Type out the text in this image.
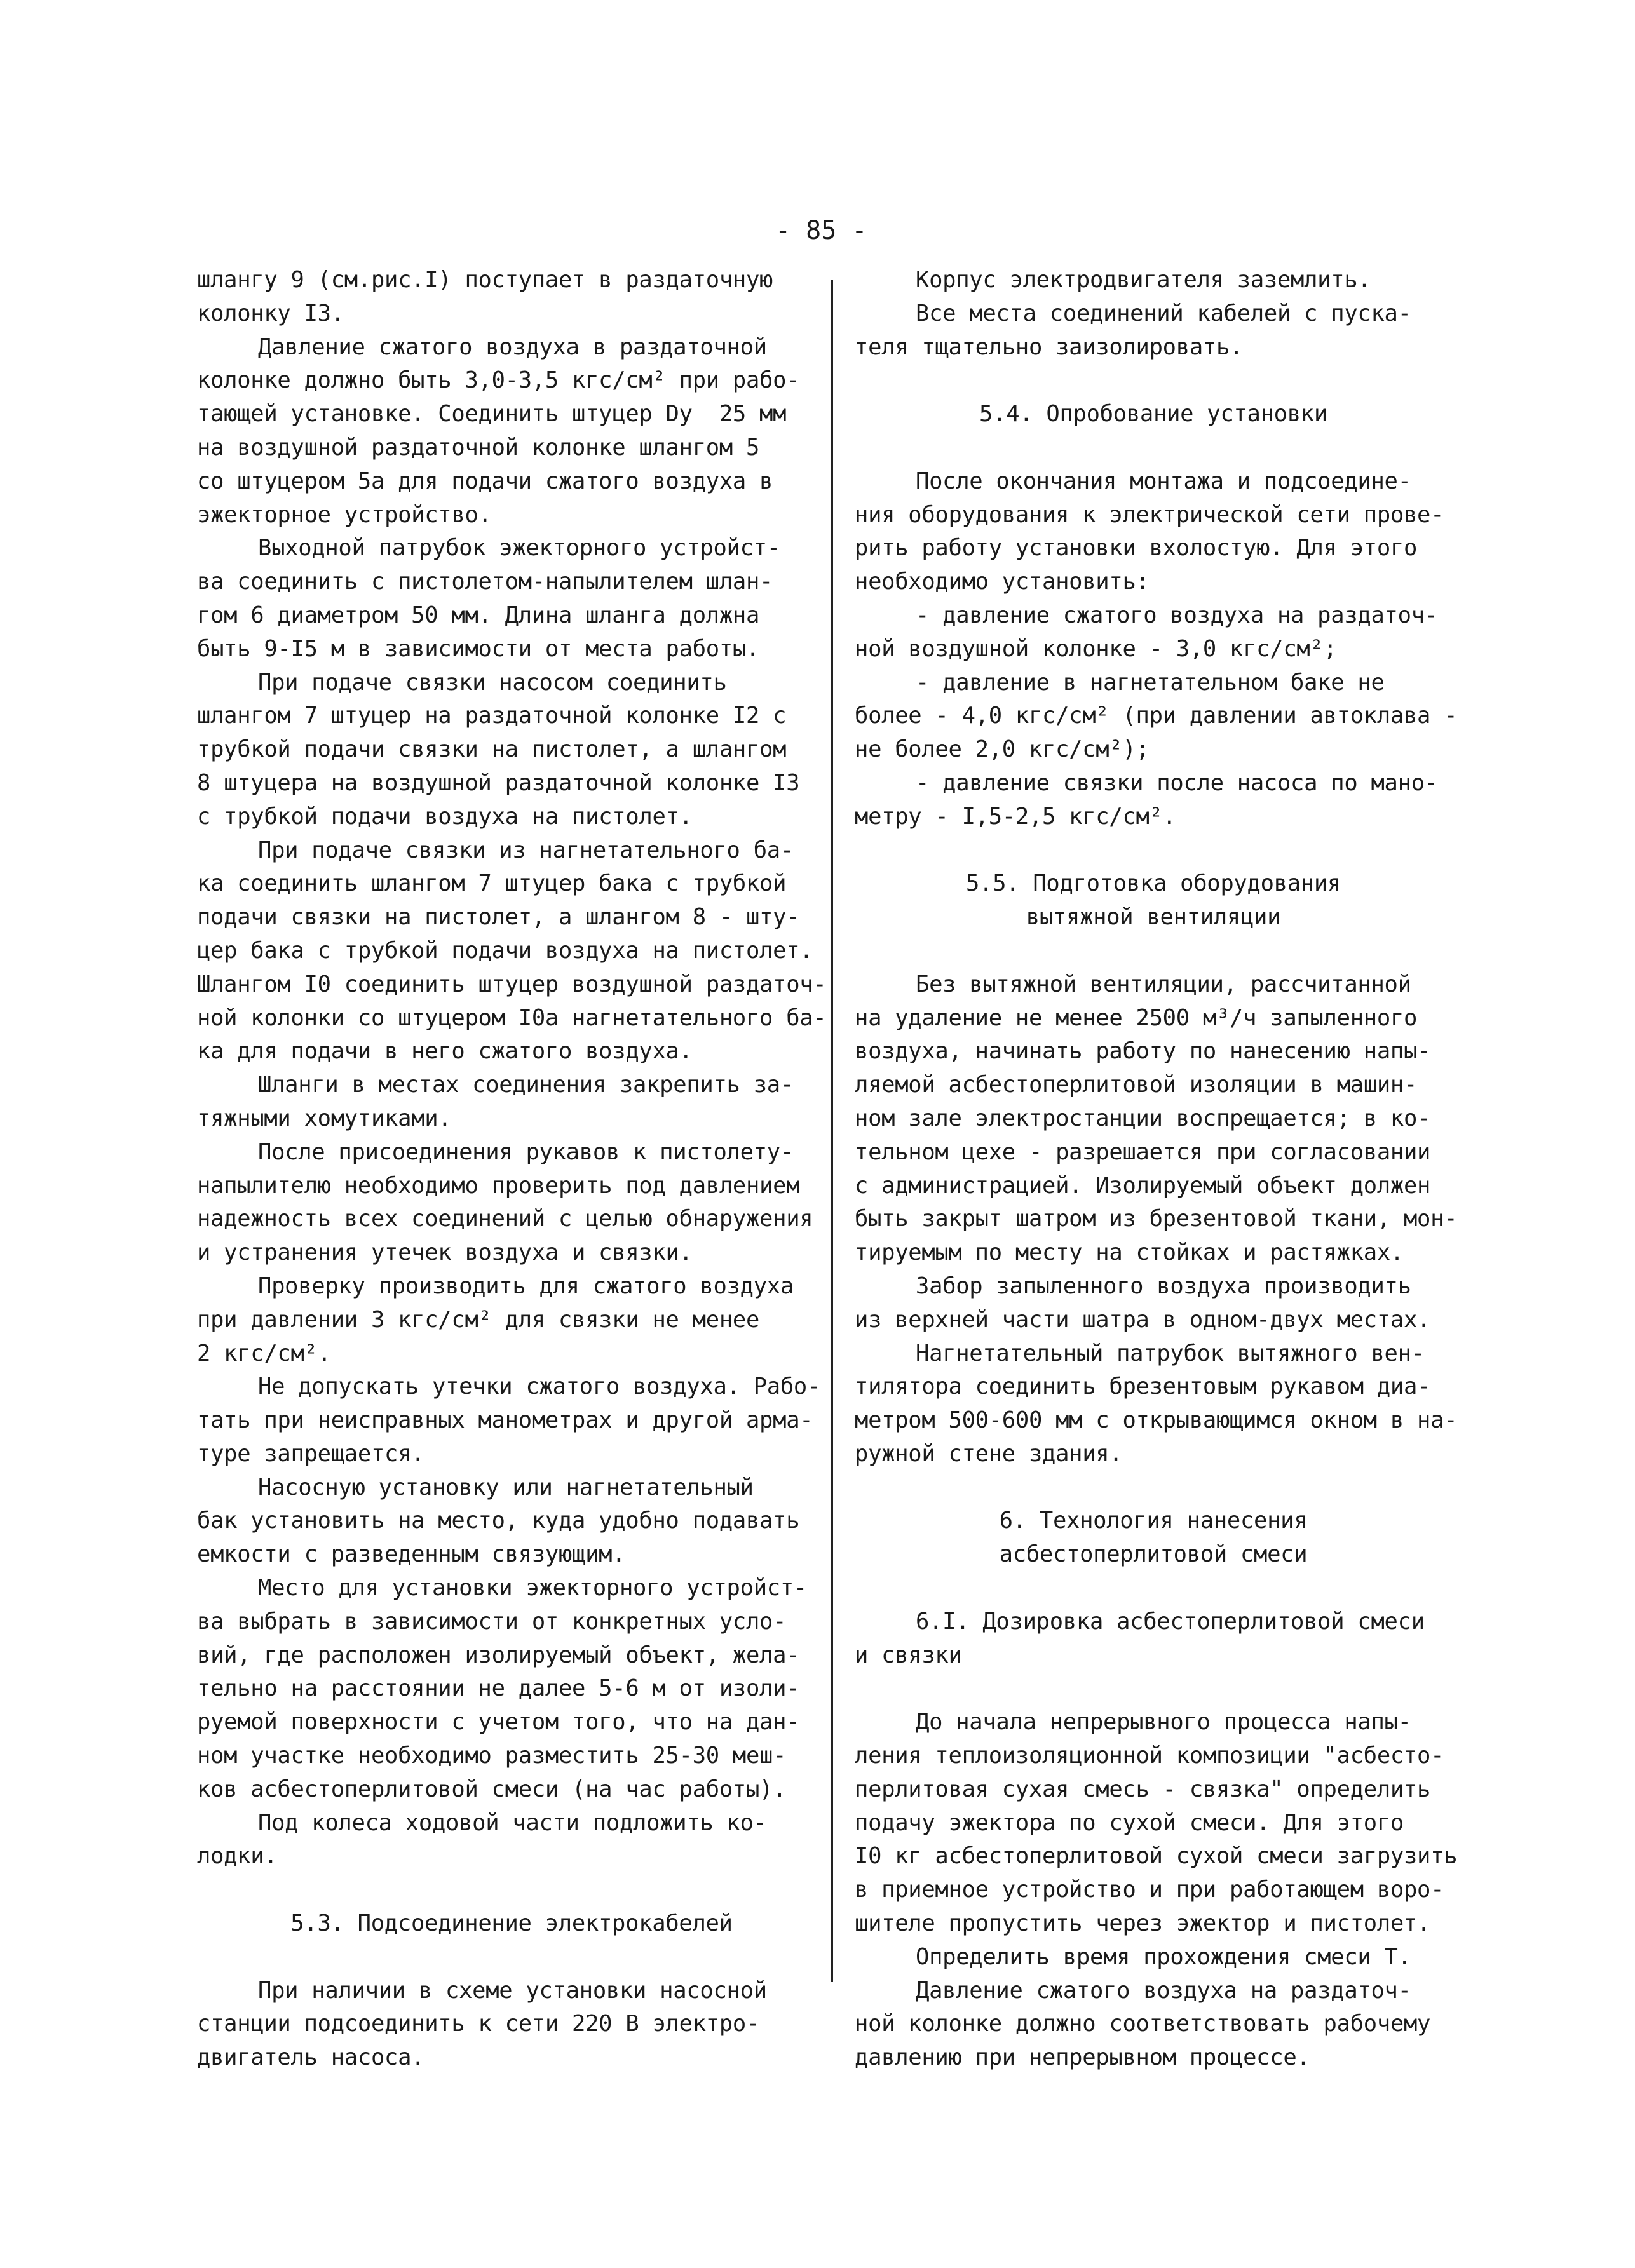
- 85 -
шлангу 9 (см.рис.I) поступает в раздаточную
колонку I3.
Давление сжатого воздуха в раздаточной
колонке должно быть 3,0-3,5 кгс/см² при рабо-
тающей установке. Соединить штуцер Dу  25 мм
на воздушной раздаточной колонке шлангом 5
со штуцером 5а для подачи сжатого воздуха в
эжекторное устройство.
Выходной патрубок эжекторного устройст-
ва соединить с пистолетом-напылителем шлан-
гом 6 диаметром 50 мм. Длина шланга должна
быть 9-I5 м в зависимости от места работы.
При подаче связки насосом соединить
шлангом 7 штуцер на раздаточной колонке I2 с
трубкой подачи связки на пистолет, а шлангом
8 штуцера на воздушной раздаточной колонке I3
с трубкой подачи воздуха на пистолет.
При подаче связки из нагнетательного ба-
ка соединить шлангом 7 штуцер бака с трубкой
подачи связки на пистолет, а шлангом 8 - шту-
цер бака с трубкой подачи воздуха на пистолет.
Шлангом I0 соединить штуцер воздушной раздаточ-
ной колонки со штуцером I0а нагнетательного ба-
ка для подачи в него сжатого воздуха.
Шланги в местах соединения закрепить за-
тяжными хомутиками.
После присоединения рукавов к пистолету-
напылителю необходимо проверить под давлением
надежность всех соединений с целью обнаружения
и устранения утечек воздуха и связки.
Проверку производить для сжатого воздуха
при давлении 3 кгс/см² для связки не менее
2 кгс/см².
Не допускать утечки сжатого воздуха. Рабо-
тать при неисправных манометрах и другой арма-
туре запрещается.
Насосную установку или нагнетательный
бак установить на место, куда удобно подавать
емкости с разведенным связующим.
Место для установки эжекторного устройст-
ва выбрать в зависимости от конкретных усло-
вий, где расположен изолируемый объект, жела-
тельно на расстоянии не далее 5-6 м от изоли-
руемой поверхности с учетом того, что на дан-
ном участке необходимо разместить 25-30 меш-
ков асбестоперлитовой смеси (на час работы).
Под колеса ходовой части подложить ко-
лодки.
5.3. Подсоединение электрокабелей
При наличии в схеме установки насосной
станции подсоединить к сети 220 В электро-
двигатель насоса.
Корпус электродвигателя заземлить.
Все места соединений кабелей с пуска-
теля тщательно заизолировать.
5.4. Опробование установки
После окончания монтажа и подсоедине-
ния оборудования к электрической сети прове-
рить работу установки вхолостую. Для этого
необходимо установить:
- давление сжатого воздуха на раздаточ-
ной воздушной колонке - 3,0 кгс/см²;
- давление в нагнетательном баке не
более - 4,0 кгс/см² (при давлении автоклава -
не более 2,0 кгс/см²);
- давление связки после насоса по мано-
метру - I,5-2,5 кгс/см².
5.5. Подготовка оборудования
вытяжной вентиляции
Без вытяжной вентиляции, рассчитанной
на удаление не менее 2500 м³/ч запыленного
воздуха, начинать работу по нанесению напы-
ляемой асбестоперлитовой изоляции в машин-
ном зале электростанции воспрещается; в ко-
тельном цехе - разрешается при согласовании
с администрацией. Изолируемый объект должен
быть закрыт шатром из брезентовой ткани, мон-
тируемым по месту на стойках и растяжках.
Забор запыленного воздуха производить
из верхней части шатра в одном-двух местах.
Нагнетательный патрубок вытяжного вен-
тилятора соединить брезентовым рукавом диа-
метром 500-600 мм с открывающимся окном в на-
ружной стене здания.
6. Технология нанесения
асбестоперлитовой смеси
6.I. Дозировка асбестоперлитовой смеси
и связки
До начала непрерывного процесса напы-
ления теплоизоляционной композиции "асбесто-
перлитовая сухая смесь - связка" определить
подачу эжектора по сухой смеси. Для этого
I0 кг асбестоперлитовой сухой смеси загрузить
в приемное устройство и при работающем воро-
шителе пропустить через эжектор и пистолет.
Определить время прохождения смеси Т.
Давление сжатого воздуха на раздаточ-
ной колонке должно соответствовать рабочему
давлению при непрерывном процессе.
